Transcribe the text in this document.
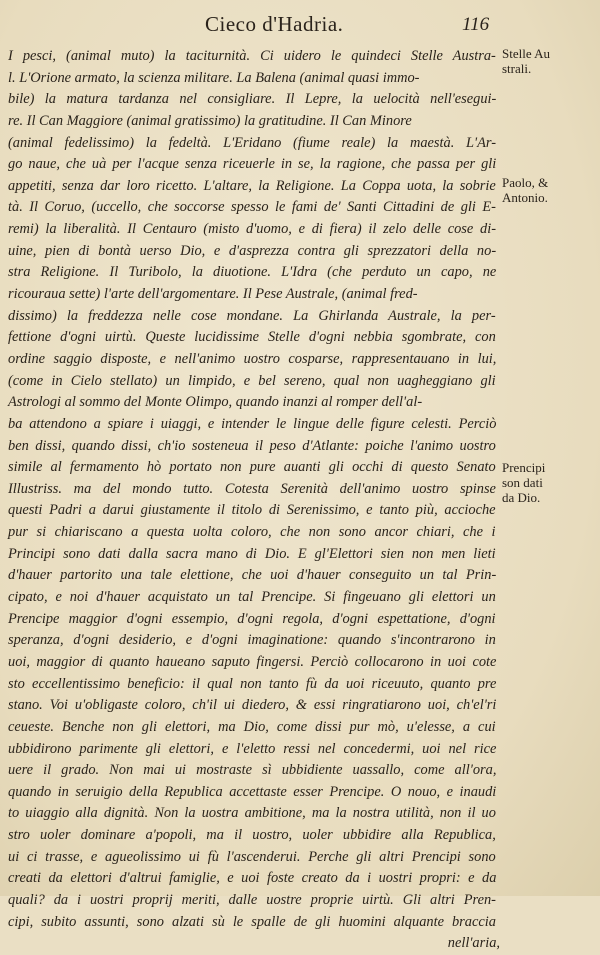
Cieco d'Hadria.	116
I pesci, (animal muto) la taciturnità. Ci uidero le quindeci Stelle Austra-
l. L'Orione armato, la scienza militare. La Balena (animal quasi immo-
bile) la matura tardanza nel consigliare. Il Lepre, la uelocità nell'esegui-
re. Il Can Maggiore (animal gratissimo) la gratitudine. Il Can Minore
(animal fedelissimo) la fedeltà. L'Eridano (fiume reale) la maestà. L'Ar-
go naue, che uà per l'acque senza riceuerle in se, la ragione, che passa per gli
appetiti, senza dar loro ricetto. L'altare, la Religione. La Coppa uota, la sobrie
tà. Il Coruo, (uccello, che soccorse spesso le fami de' Santi Cittadini de gli E-
remi) la liberalità. Il Centauro (misto d'uomo, e di fiera) il zelo delle cose di-
uine, pien di bontà uerso Dio, e d'asprezza contra gli sprezzatori della no-
stra Religione. Il Turibolo, la diuotione. L'Idra (che perduto un capo, ne
ricouraua sette) l'arte dell'argomentare. Il Pese Australe, (animal fred-
dissimo) la freddezza nelle cose mondane. La Ghirlanda Australe, la per-
fettione d'ogni uirtù. Queste lucidissime Stelle d'ogni nebbia sgombrate, con
ordine saggio disposte, e nell'animo uostro cosparse, rappresentauano in lui,
(come in Cielo stellato) un limpido, e bel sereno, qual non uagheggiano gli
Astrologi al sommo del Monte Olimpo, quando inanzi al romper dell'al-
ba attendono a spiare i uiaggi, e intender le lingue delle figure celesti. Perciò
ben dissi, quando dissi, ch'io sosteneua il peso d'Atlante: poiche l'animo uostro
simile al fermamento hò portato non pure auanti gli occhi di questo Senato
Illustriss. ma del mondo tutto. Cotesta Serenità dell'animo uostro spinse
questi Padri a darui giustamente il titolo di Serenissimo, e tanto più, accioche
pur si chiariscano a questa uolta coloro, che non sono ancor chiari, che i
Principi sono dati dalla sacra mano di Dio. E gl'Elettori sien non men lieti
d'hauer partorito una tale elettione, che uoi d'hauer conseguito un tal Prin-
cipato, e noi d'hauer acquistato un tal Prencipe. Si fingeuano gli elettori un
Prencipe maggior d'ogni essempio, d'ogni regola, d'ogni espettatione, d'ogni
speranza, d'ogni desiderio, e d'ogni imaginatione: quando s'incontrarono in
uoi, maggior di quanto haueano saputo fingersi. Perciò collocarono in uoi cote
sto eccellentissimo beneficio: il qual non tanto fù da uoi riceuuto, quanto pre
stano. Voi u'obligaste coloro, ch'il ui diedero, & essi ringratiarono uoi, ch'el'ri
ceueste. Benche non gli elettori, ma Dio, come dissi pur mò, u'elesse, a cui
ubbidirono parimente gli elettori, e l'eletto ressi nel concedermi, uoi nel rice
uere il grado. Non mai ui mostraste sì ubbidiente uassallo, come all'ora,
quando in seruigio della Republica accettaste esser Prencipe. O nouo, e inaudi
to uiaggio alla dignità. Non la uostra ambitione, ma la nostra utilità, non il uo
stro uoler dominare a'popoli, ma il uostro, uoler ubbidire alla Republica,
ui ci trasse, e agueolissimo ui fù l'ascenderui. Perche gli altri Prencipi sono
creati da elettori d'altrui famiglie, e uoi foste creato da i uostri propri: e da
quali? da i uostri proprij meriti, dalle uostre proprie uirtù. Gli altri Pren-
cipi, subito assunti, sono alzati sù le spalle de gli huomini alquante braccia
nell'aria,
Stelle Au
strali.
Paolo, &
Antonio.
Prencipi
son dati
da Dio.
